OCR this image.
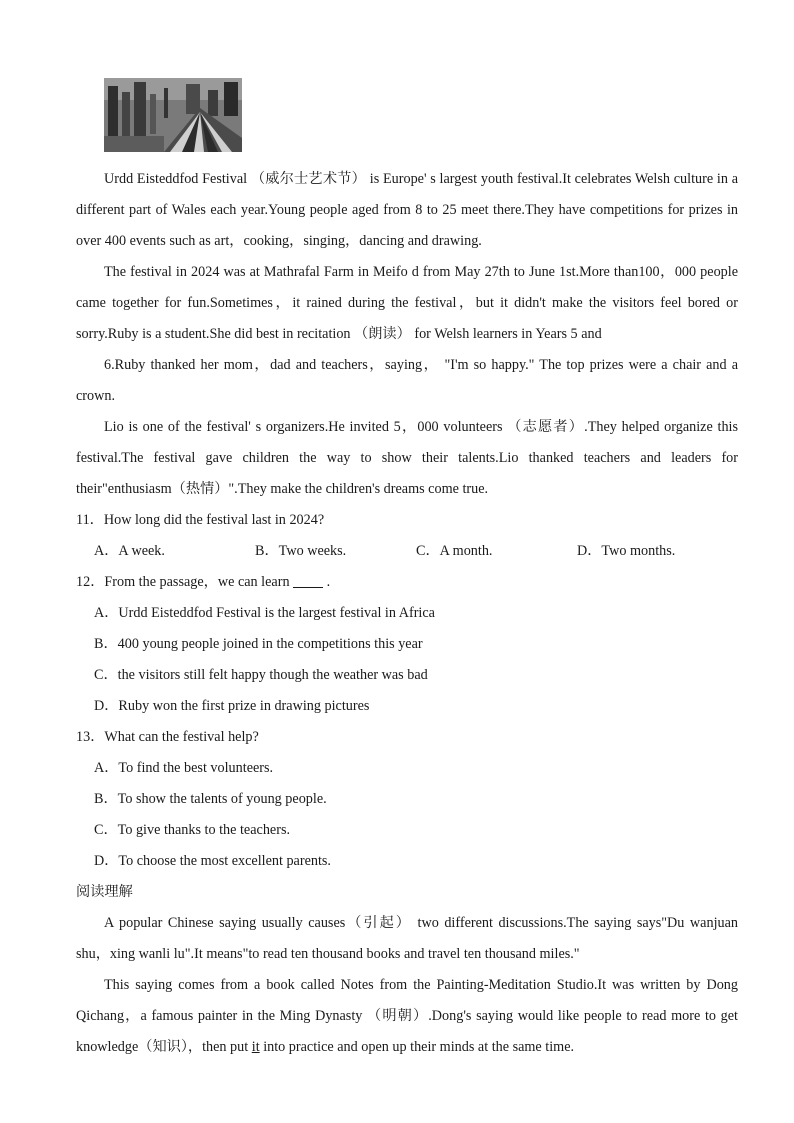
Urdd Eisteddfod Festival （威尔士艺术节） is Europe' s largest youth festival.It celebrates Welsh culture in a different part of Wales each year.Young people aged from 8 to 25 meet there.They have competitions for prizes in over 400 events such as art，cooking，singing，dancing and drawing.

The festival in 2024 was at Mathrafal Farm in Meifo d from May 27th to June 1st.More than100，000 people came together for fun.Sometimes，it rained during the festival，but it didn't make the visitors feel bored or sorry.Ruby is a student.She did best in recitation （朗读） for Welsh learners in Years 5 and

6.Ruby thanked her mom，dad and teachers，saying， "I'm so happy." The top prizes were a chair and a crown.

Lio is one of the festival' s organizers.He invited 5，000 volunteers （志愿者）.They helped organize this festival.The festival gave children the way to show their talents.Lio thanked teachers and leaders for their"enthusiasm（热情）".They make the children's dreams come true.

11．How long did the festival last in 2024?

A．A week.	B．Two weeks.	C．A month.	D．Two months.

12．From the passage，we can learn	.

A．Urdd Eisteddfod Festival is the largest festival in Africa

B．400 young people joined in the competitions this year

C．the visitors still felt happy though the weather was bad

D．Ruby won the first prize in drawing pictures

13．What can the festival help?

A．To find the best volunteers.

B．To show the talents of young people.

C．To give thanks to the teachers.

D．To choose the most excellent parents.

阅读理解

A popular Chinese saying usually causes（引起） two different discussions.The saying says"Du wanjuan shu，xing wanli lu".It means"to read ten thousand books and travel ten thousand miles."

This saying comes from a book called Notes from the Painting-Meditation Studio.It was written by Dong Qichang，a famous painter in the Ming Dynasty （明朝）.Dong's saying would like people to read more to get knowledge（知识），then put it into practice and open up their minds at the same time.
